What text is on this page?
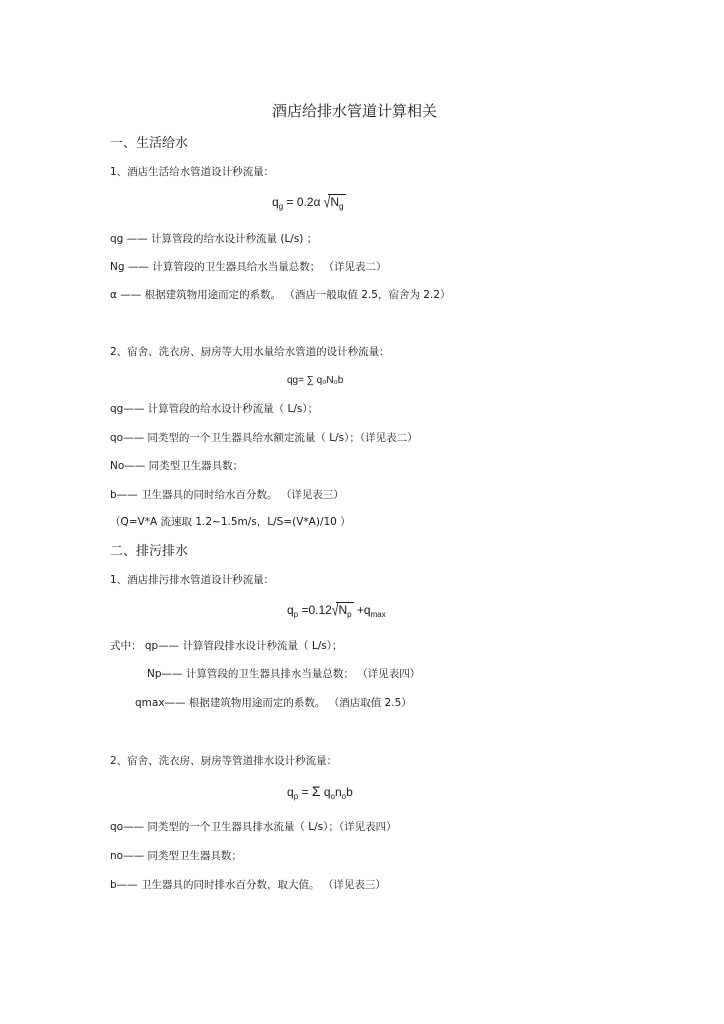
酒店给排水管道计算相关
一、生活给水
1、酒店生活给水管道设计秒流量：
$q_g = 0.2\alpha$ $√N_g$
qg —— 计算管段的给水设计秒流量 (L/s) ；
Ng —— 计算管段的卫生器具给水当量总数； （详见表二）
α —— 根据建筑物用途而定的系数。 （酒店一般取值 2.5，宿舍为 2.2）
2、宿舍、洗衣房、厨房等大用水量给水管道的设计秒流量：
qg= ∑ q₀N₀b
qg—— 计算管段的给水设计秒流量（ L/s）；
qo—— 同类型的一个卫生器具给水额定流量（ L/s）；（详见表二）
No—— 同类型卫生器具数；
b—— 卫生器具的同时给水百分数。 （详见表三）
（Q=V*A 流速取 1.2~1.5m/s，L/S=(V*A)/10 ）
二、排污排水
1、酒店排污排水管道设计秒流量：
$q_p =0.12√N_p +q_{max}$
式中： qp—— 计算管段排水设计秒流量（ L/s）；
Np—— 计算管段的卫生器具排水当量总数； （详见表四）
qmax—— 根据建筑物用途而定的系数。 （酒店取值 2.5）
2、宿舍、洗衣房、厨房等管道排水设计秒流量：
$q_p = \Sigma$ $q_on_ob$
qo—— 同类型的一个卫生器具排水流量（ L/s）；（详见表四）
no—— 同类型卫生器具数；
b—— 卫生器具的同时排水百分数，取大值。 （详见表三）
